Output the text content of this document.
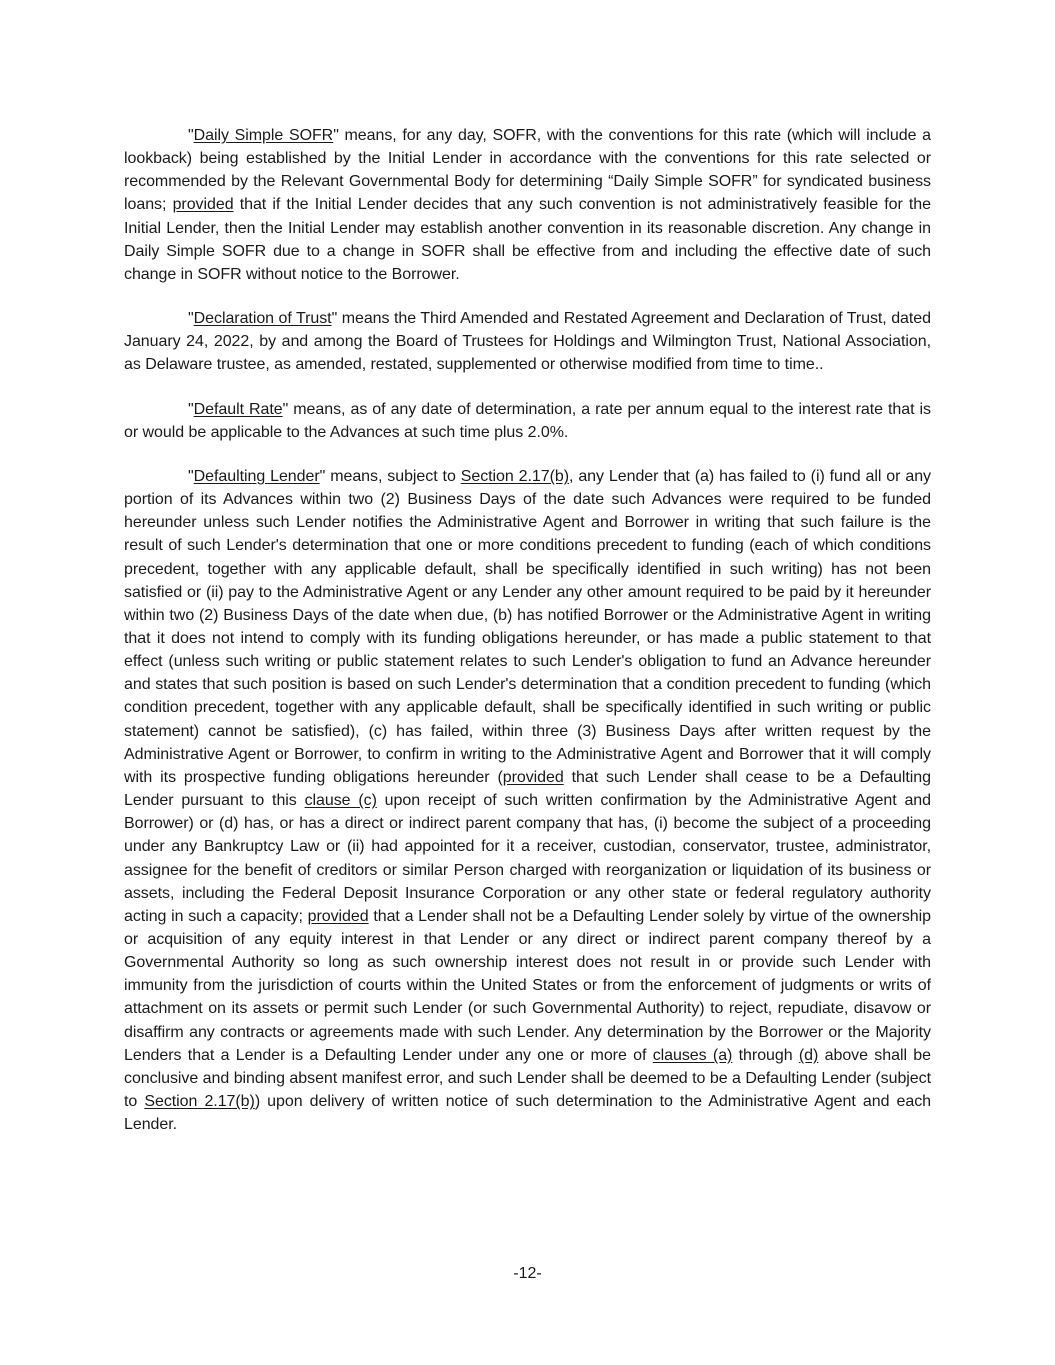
"Daily Simple SOFR" means, for any day, SOFR, with the conventions for this rate (which will include a lookback) being established by the Initial Lender in accordance with the conventions for this rate selected or recommended by the Relevant Governmental Body for determining “Daily Simple SOFR” for syndicated business loans; provided that if the Initial Lender decides that any such convention is not administratively feasible for the Initial Lender, then the Initial Lender may establish another convention in its reasonable discretion. Any change in Daily Simple SOFR due to a change in SOFR shall be effective from and including the effective date of such change in SOFR without notice to the Borrower.

"Declaration of Trust" means the Third Amended and Restated Agreement and Declaration of Trust, dated January 24, 2022, by and among the Board of Trustees for Holdings and Wilmington Trust, National Association, as Delaware trustee, as amended, restated, supplemented or otherwise modified from time to time..

"Default Rate" means, as of any date of determination, a rate per annum equal to the interest rate that is or would be applicable to the Advances at such time plus 2.0%.

"Defaulting Lender" means, subject to Section 2.17(b), any Lender that (a) has failed to (i) fund all or any portion of its Advances within two (2) Business Days of the date such Advances were required to be funded hereunder unless such Lender notifies the Administrative Agent and Borrower in writing that such failure is the result of such Lender's determination that one or more conditions precedent to funding (each of which conditions precedent, together with any applicable default, shall be specifically identified in such writing) has not been satisfied or (ii) pay to the Administrative Agent or any Lender any other amount required to be paid by it hereunder within two (2) Business Days of the date when due, (b) has notified Borrower or the Administrative Agent in writing that it does not intend to comply with its funding obligations hereunder, or has made a public statement to that effect (unless such writing or public statement relates to such Lender's obligation to fund an Advance hereunder and states that such position is based on such Lender's determination that a condition precedent to funding (which condition precedent, together with any applicable default, shall be specifically identified in such writing or public statement) cannot be satisfied), (c) has failed, within three (3) Business Days after written request by the Administrative Agent or Borrower, to confirm in writing to the Administrative Agent and Borrower that it will comply with its prospective funding obligations hereunder (provided that such Lender shall cease to be a Defaulting Lender pursuant to this clause (c) upon receipt of such written confirmation by the Administrative Agent and Borrower) or (d) has, or has a direct or indirect parent company that has, (i) become the subject of a proceeding under any Bankruptcy Law or (ii) had appointed for it a receiver, custodian, conservator, trustee, administrator, assignee for the benefit of creditors or similar Person charged with reorganization or liquidation of its business or assets, including the Federal Deposit Insurance Corporation or any other state or federal regulatory authority acting in such a capacity; provided that a Lender shall not be a Defaulting Lender solely by virtue of the ownership or acquisition of any equity interest in that Lender or any direct or indirect parent company thereof by a Governmental Authority so long as such ownership interest does not result in or provide such Lender with immunity from the jurisdiction of courts within the United States or from the enforcement of judgments or writs of attachment on its assets or permit such Lender (or such Governmental Authority) to reject, repudiate, disavow or disaffirm any contracts or agreements made with such Lender. Any determination by the Borrower or the Majority Lenders that a Lender is a Defaulting Lender under any one or more of clauses (a) through (d) above shall be conclusive and binding absent manifest error, and such Lender shall be deemed to be a Defaulting Lender (subject to Section 2.17(b)) upon delivery of written notice of such determination to the Administrative Agent and each Lender.

-12-
